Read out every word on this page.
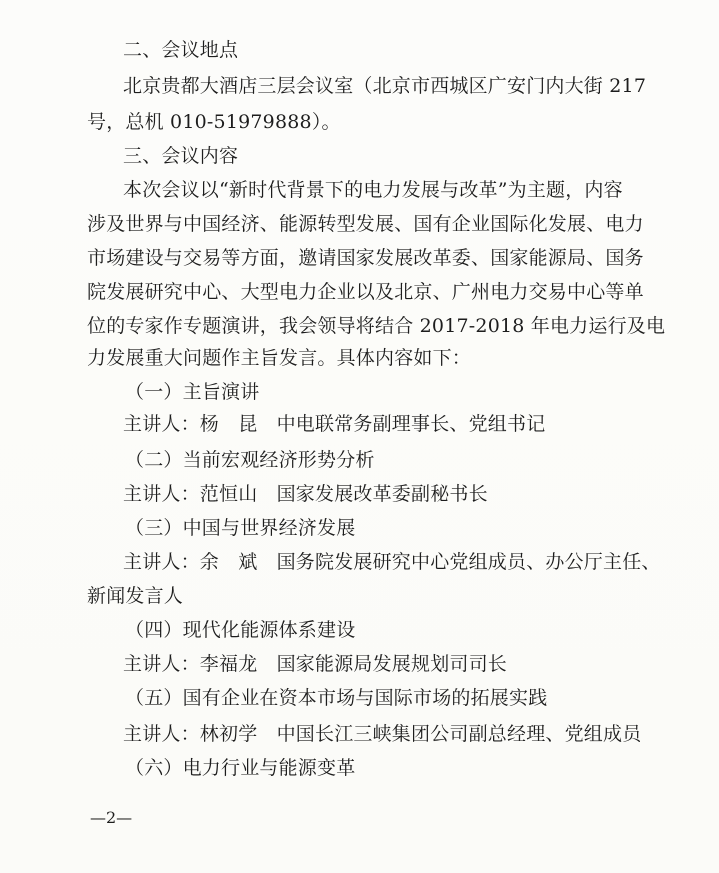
二、会议地点
北京贵都大酒店三层会议室（北京市西城区广安门内大街 217
号，总机 010-51979888）。
三、会议内容
本次会议以“新时代背景下的电力发展与改革”为主题，内容
涉及世界与中国经济、能源转型发展、国有企业国际化发展、电力
市场建设与交易等方面，邀请国家发展改革委、国家能源局、国务
院发展研究中心、大型电力企业以及北京、广州电力交易中心等单
位的专家作专题演讲，我会领导将结合 2017-2018 年电力运行及电
力发展重大问题作主旨发言。具体内容如下：
（一）主旨演讲
主讲人：杨　昆　中电联常务副理事长、党组书记
（二）当前宏观经济形势分析
主讲人：范恒山　国家发展改革委副秘书长
（三）中国与世界经济发展
主讲人：余　斌　国务院发展研究中心党组成员、办公厅主任、
新闻发言人
（四）现代化能源体系建设
主讲人：李福龙　国家能源局发展规划司司长
（五）国有企业在资本市场与国际市场的拓展实践
主讲人：林初学　中国长江三峡集团公司副总经理、党组成员
（六）电力行业与能源变革
—2—
